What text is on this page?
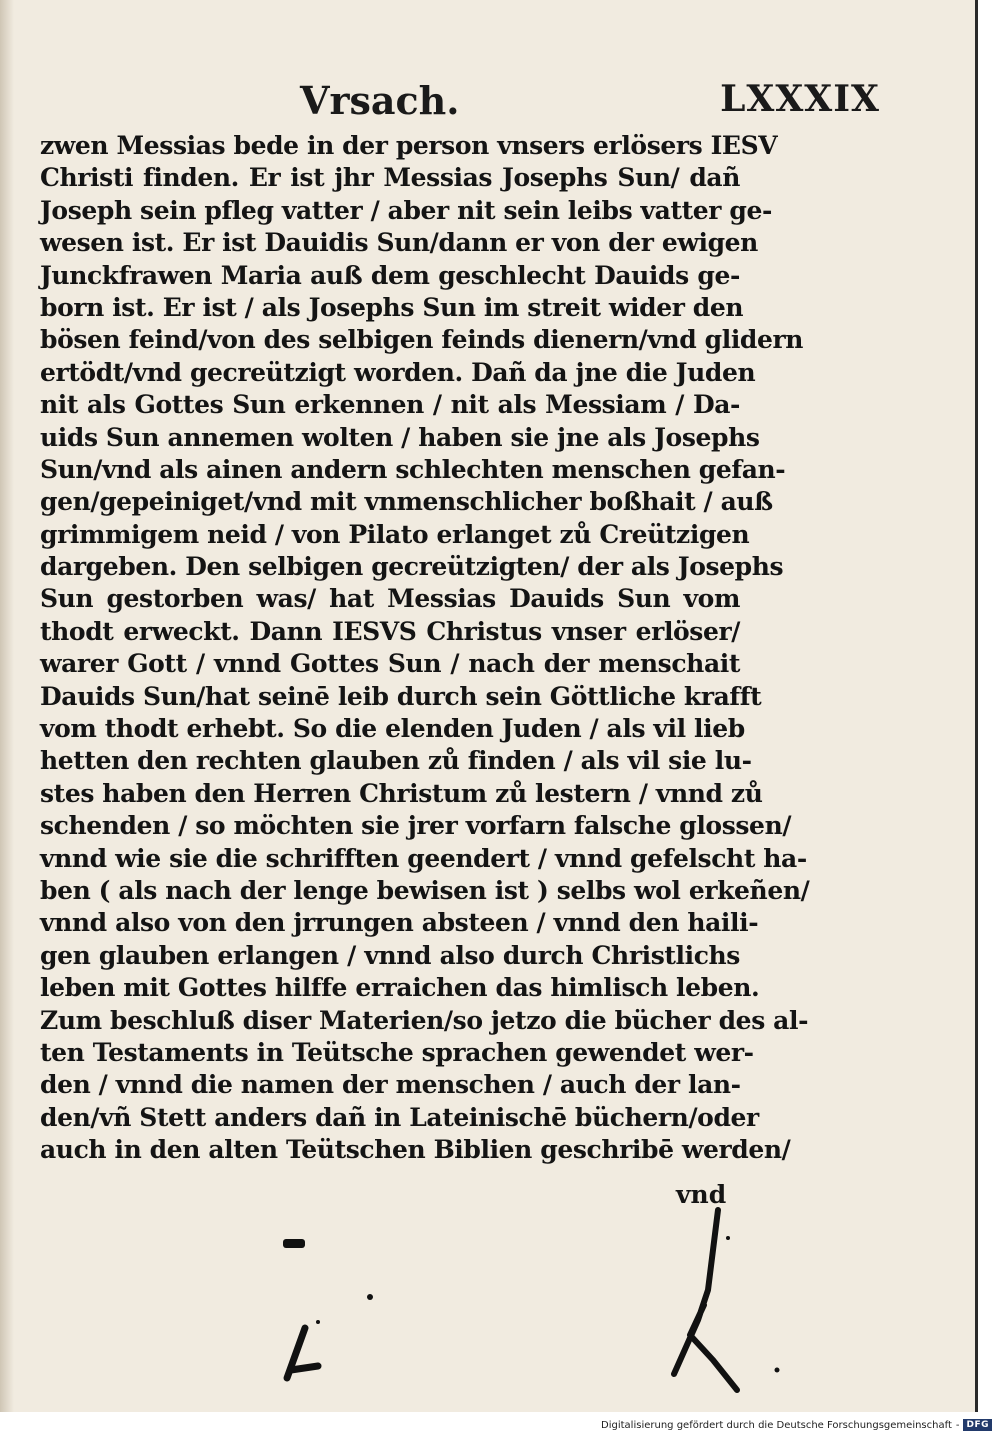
Vrsach.	LXXXIX
zwen Messias bede in der person vnsers erlösers IESV
Christi finden. Er ist jhr Messias Josephs Sun/ dañ
Joseph sein pfleg vatter / aber nit sein leibs vatter ge-
wesen ist. Er ist Dauidis Sun/dann er von der ewigen
Junckfrawen Maria auß dem geschlecht Dauids ge-
born ist. Er ist / als Josephs Sun im streit wider den
bösen feind/von des selbigen feinds dienern/vnd glidern
ertödt/vnd gecreützigt worden. Dañ da jne die Juden
nit als Gottes Sun erkennen / nit als Messiam / Da-
uids Sun annemen wolten / haben sie jne als Josephs
Sun/vnd als ainen andern schlechten menschen gefan-
gen/gepeiniget/vnd mit vnmenschlicher boßhait / auß
grimmigem neid / von Pilato erlanget zů Creützigen
dargeben. Den selbigen gecreützigten/ der als Josephs
Sun gestorben was/ hat Messias Dauids Sun vom
thodt erweckt. Dann IESVS Christus vnser erlöser/
warer Gott / vnnd Gottes Sun / nach der menschait
Dauids Sun/hat seinē leib durch sein Göttliche krafft
vom thodt erhebt. So die elenden Juden / als vil lieb
hetten den rechten glauben zů finden / als vil sie lu-
stes haben den Herren Christum zů lestern / vnnd zů
schenden / so möchten sie jrer vorfarn falsche glossen/
vnnd wie sie die schrifften geendert / vnnd gefelscht ha-
ben ( als nach der lenge bewisen ist ) selbs wol erkeñen/
vnnd also von den jrrungen absteen / vnnd den haili-
gen glauben erlangen / vnnd also durch Christlichs
leben mit Gottes hilffe erraichen das himlisch leben.
Zum beschluß diser Materien/so jetzo die bücher des al-
ten Testaments in Teütsche sprachen gewendet wer-
den / vnnd die namen der menschen / auch der lan-
den/vñ Stett anders dañ in Lateinischē büchern/oder
auch in den alten Teütschen Biblien geschribē werden/
vnd
Digitalisierung gefördert durch die Deutsche Forschungsgemeinschaft - DFG
